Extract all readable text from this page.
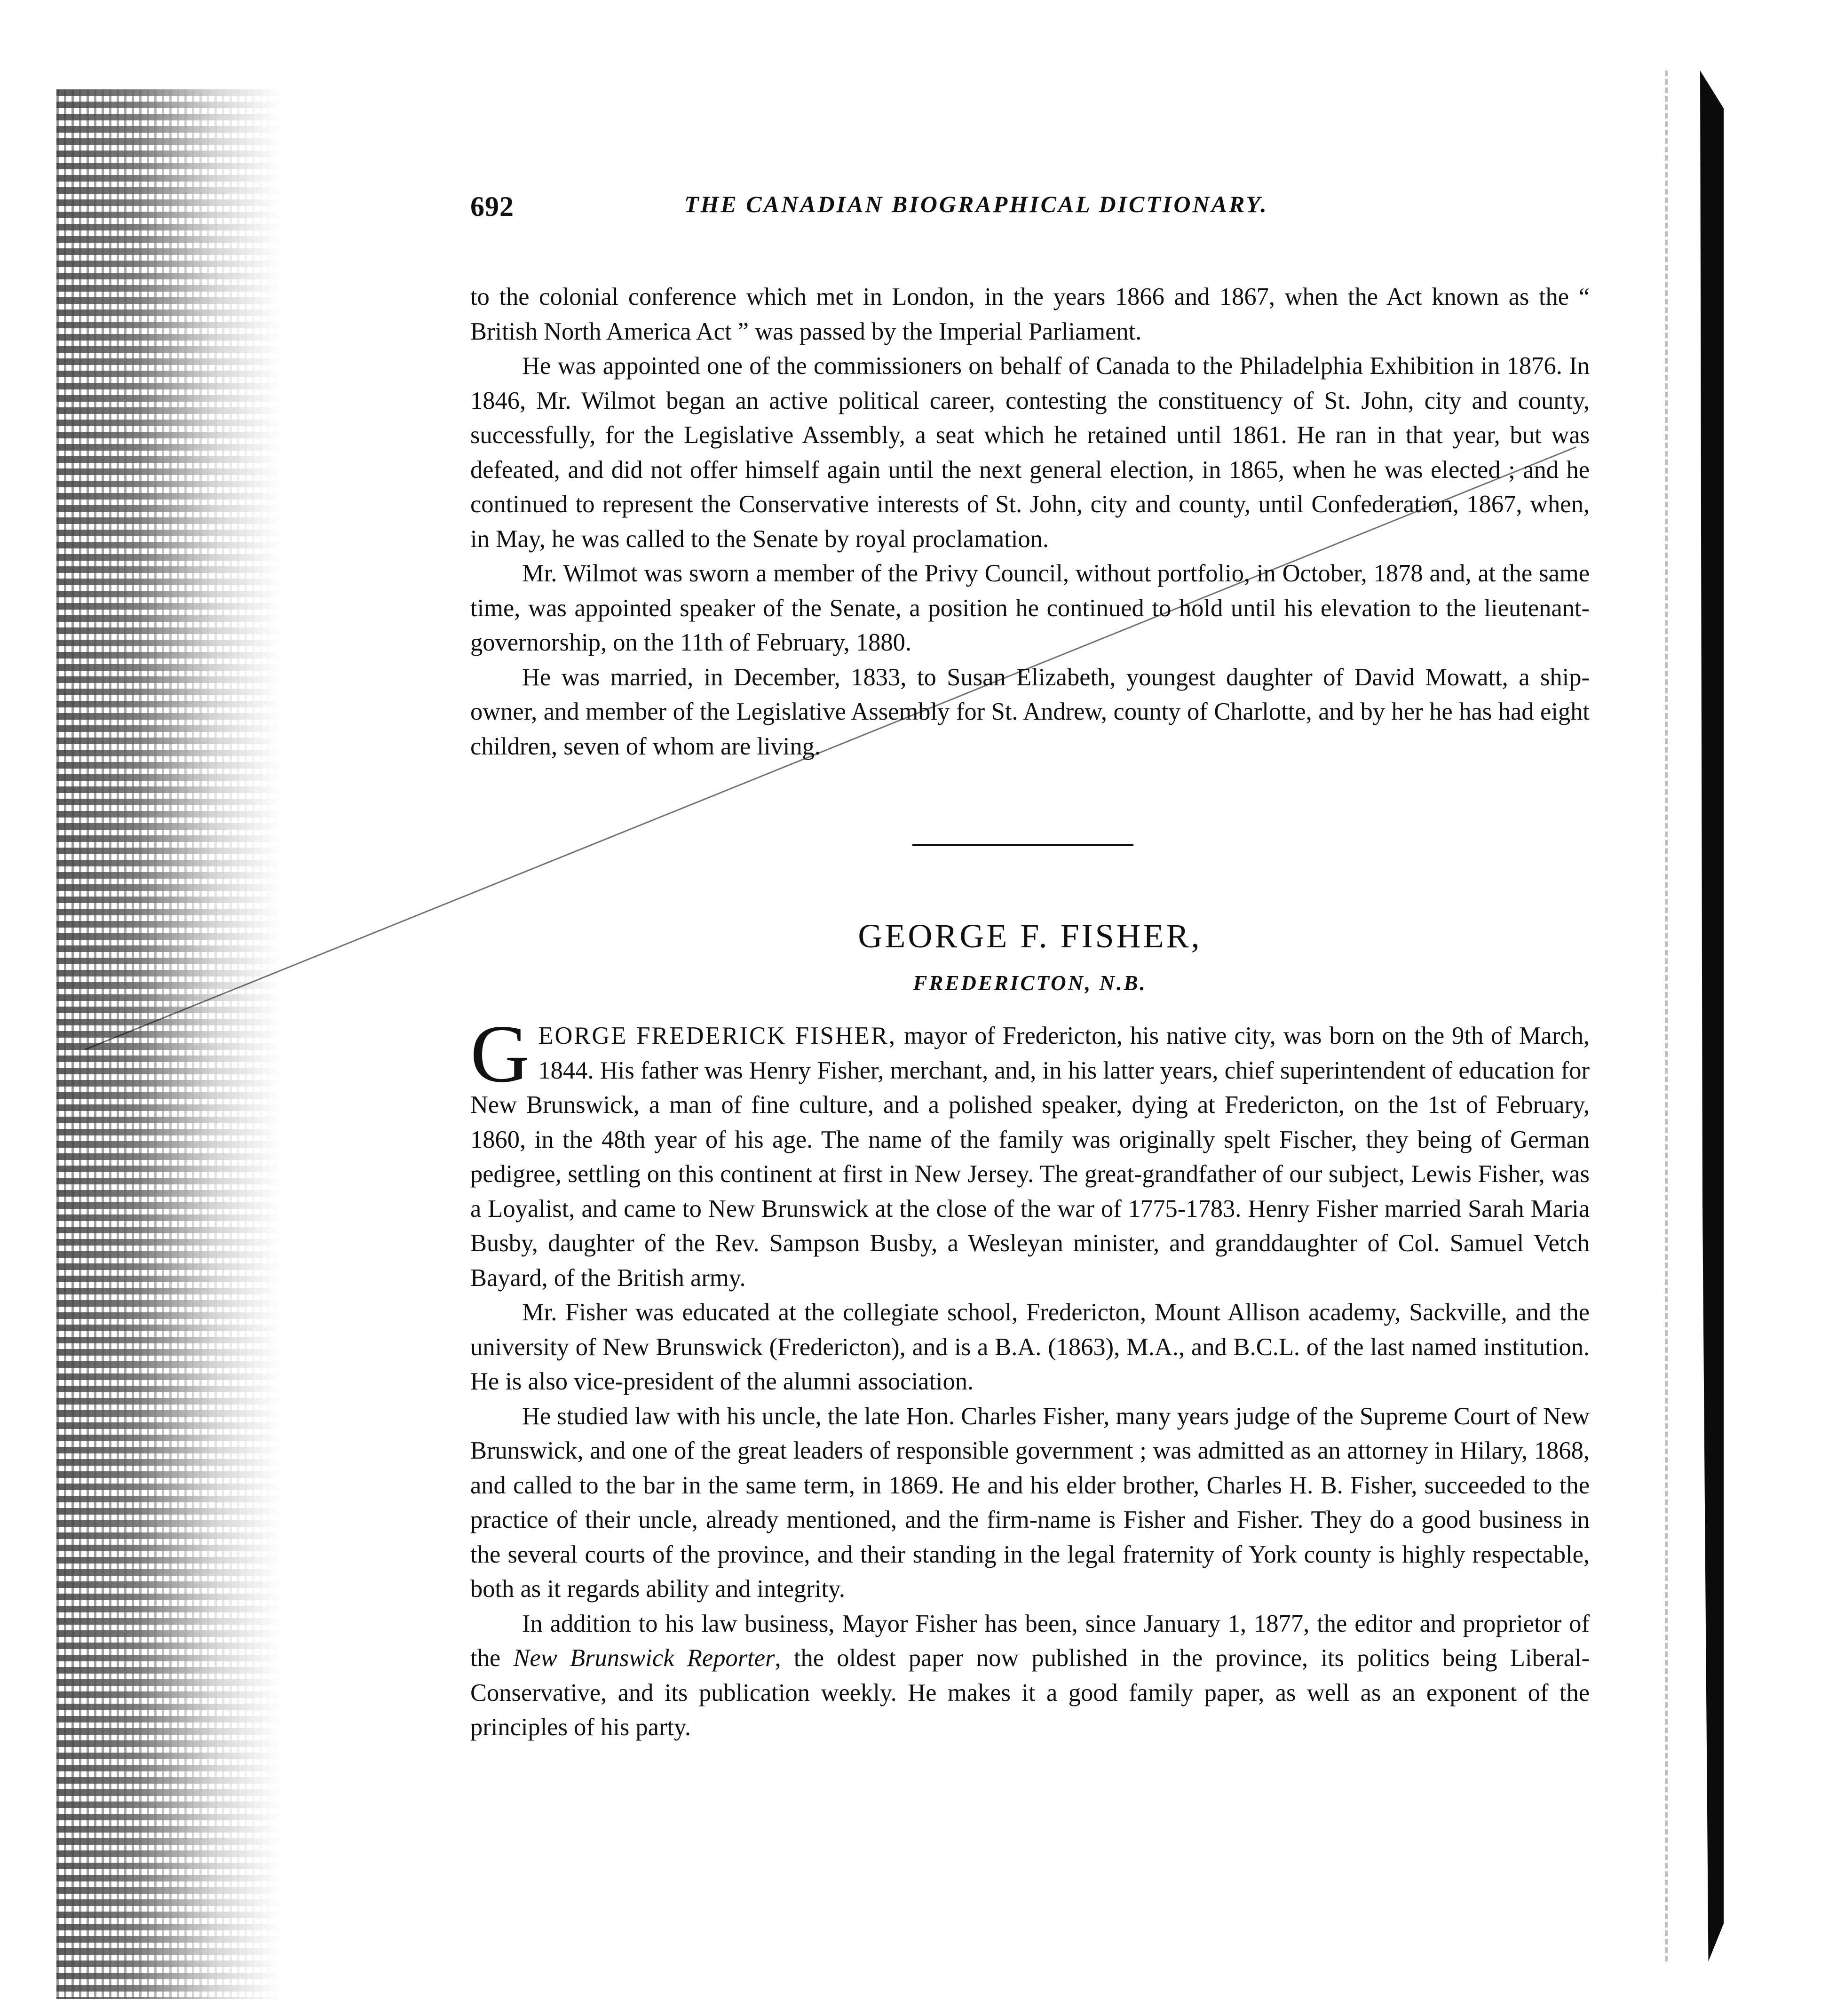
692	THE CANADIAN BIOGRAPHICAL DICTIONARY.

to the colonial conference which met in London, in the years 1866 and 1867, when the Act known as the “ British North America Act ” was passed by the Imperial Parliament.

He was appointed one of the commissioners on behalf of Canada to the Philadelphia Exhibition in 1876. In 1846, Mr. Wilmot began an active political career, contesting the constituency of St. John, city and county, successfully, for the Legislative Assembly, a seat which he retained until 1861. He ran in that year, but was defeated, and did not offer himself again until the next general election, in 1865, when he was elected ; and he continued to represent the Conservative interests of St. John, city and county, until Confederation, 1867, when, in May, he was called to the Senate by royal proclamation.

Mr. Wilmot was sworn a member of the Privy Council, without portfolio, in October, 1878 and, at the same time, was appointed speaker of the Senate, a position he continued to hold until his elevation to the lieutenant-governorship, on the 11th of February, 1880.

He was married, in December, 1833, to Susan Elizabeth, youngest daughter of David Mowatt, a ship-owner, and member of the Legislative Assembly for St. Andrew, county of Charlotte, and by her he has had eight children, seven of whom are living.

GEORGE F. FISHER,
FREDERICTON, N.B.

GEORGE FREDERICK FISHER, mayor of Fredericton, his native city, was born on the 9th of March, 1844. His father was Henry Fisher, merchant, and, in his latter years, chief superintendent of education for New Brunswick, a man of fine culture, and a polished speaker, dying at Fredericton, on the 1st of February, 1860, in the 48th year of his age. The name of the family was originally spelt Fischer, they being of German pedigree, settling on this continent at first in New Jersey. The great-grandfather of our subject, Lewis Fisher, was a Loyalist, and came to New Brunswick at the close of the war of 1775-1783. Henry Fisher married Sarah Maria Busby, daughter of the Rev. Sampson Busby, a Wesleyan minister, and granddaughter of Col. Samuel Vetch Bayard, of the British army.

Mr. Fisher was educated at the collegiate school, Fredericton, Mount Allison academy, Sackville, and the university of New Brunswick (Fredericton), and is a B.A. (1863), M.A., and B.C.L. of the last named institution. He is also vice-president of the alumni association.

He studied law with his uncle, the late Hon. Charles Fisher, many years judge of the Supreme Court of New Brunswick, and one of the great leaders of responsible government ; was admitted as an attorney in Hilary, 1868, and called to the bar in the same term, in 1869. He and his elder brother, Charles H. B. Fisher, succeeded to the practice of their uncle, already mentioned, and the firm-name is Fisher and Fisher. They do a good business in the several courts of the province, and their standing in the legal fraternity of York county is highly respectable, both as it regards ability and integrity.

In addition to his law business, Mayor Fisher has been, since January 1, 1877, the editor and proprietor of the New Brunswick Reporter, the oldest paper now published in the province, its politics being Liberal-Conservative, and its publication weekly. He makes it a good family paper, as well as an exponent of the principles of his party.
